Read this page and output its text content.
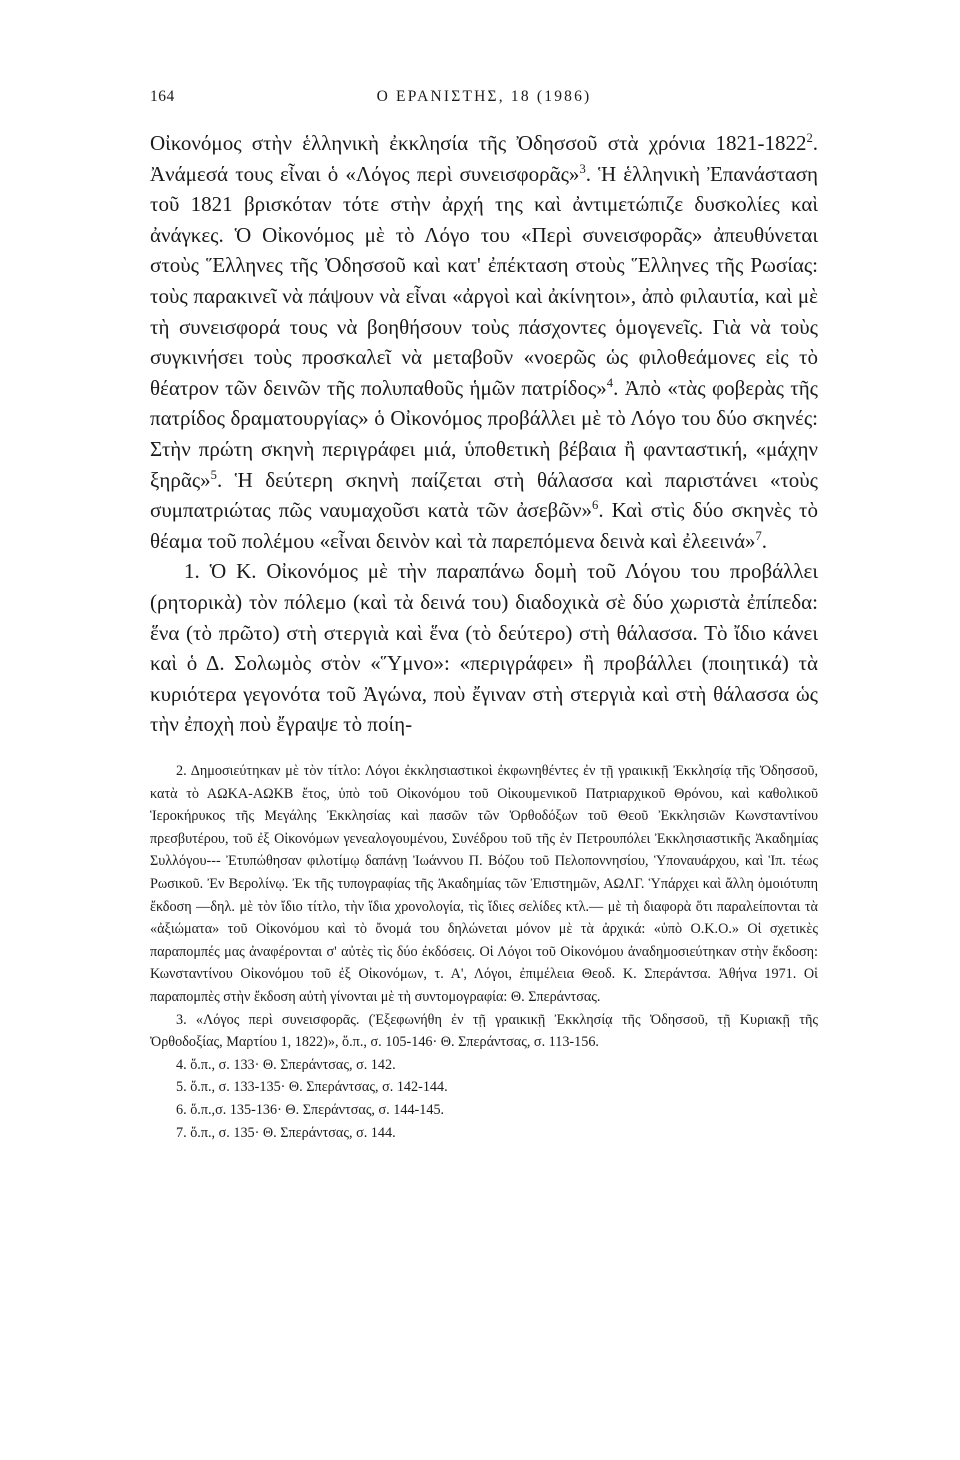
164	Ο ΕΡΑΝΙΣΤΗΣ, 18 (1986)

Οἰκονόμος στὴν ἑλληνικὴ ἐκκλησία τῆς Ὀδησσοῦ στὰ χρόνια 1821-1822$^2$. Ἀνάμεσά τους εἶναι ὁ «Λόγος περὶ συνεισφορᾶς»$^3$. Ἡ ἑλληνικὴ Ἐπανάσταση τοῦ 1821 βρισκόταν τότε στὴν ἀρχή της καὶ ἀντιμετώπιζε δυσκολίες καὶ ἀνάγκες. Ὁ Οἰκονόμος μὲ τὸ Λόγο του «Περὶ συνεισφορᾶς» ἀπευθύνεται στοὺς Ἕλληνες τῆς Ὀδησσοῦ καὶ κατ' ἐπέκταση στοὺς Ἕλληνες τῆς Ρωσίας: τοὺς παρακινεῖ νὰ πάψουν νὰ εἶναι «ἀργοὶ καὶ ἀκίνητοι», ἀπὸ φιλαυτία, καὶ μὲ τὴ συνεισφορά τους νὰ βοηθήσουν τοὺς πάσχοντες ὁμογενεῖς. Γιὰ νὰ τοὺς συγκινήσει τοὺς προσκαλεῖ νὰ μεταβοῦν «νοερῶς ὡς φιλοθεάμονες εἰς τὸ θέατρον τῶν δεινῶν τῆς πολυπαθοῦς ἡμῶν πατρίδος»$^4$. Ἀπὸ «τὰς φοβερὰς τῆς πατρίδος δραματουργίας» ὁ Οἰκονόμος προβάλλει μὲ τὸ Λόγο του δύο σκηνές: Στὴν πρώτη σκηνὴ περιγράφει μιά, ὑποθετικὴ βέβαια ἢ φανταστική, «μάχην ξηρᾶς»$^5$. Ἡ δεύτερη σκηνὴ παίζεται στὴ θάλασσα καὶ παριστάνει «τοὺς συμπατριώτας πῶς ναυμαχοῦσι κατὰ τῶν ἀσεβῶν»$^6$. Καὶ στὶς δύο σκηνὲς τὸ θέαμα τοῦ πολέμου «εἶναι δεινὸν καὶ τὰ παρεπόμενα δεινὰ καὶ ἐλεεινά»$^7$.

1. Ὁ Κ. Οἰκονόμος μὲ τὴν παραπάνω δομὴ τοῦ Λόγου του προβάλλει (ρητορικὰ) τὸν πόλεμο (καὶ τὰ δεινά του) διαδοχικὰ σὲ δύο χωριστὰ ἐπίπεδα: ἕνα (τὸ πρῶτο) στὴ στεργιὰ καὶ ἕνα (τὸ δεύτερο) στὴ θάλασσα. Τὸ ἴδιο κάνει καὶ ὁ Δ. Σολωμὸς στὸν «Ὕμνο»: «περιγράφει» ἢ προβάλλει (ποιητικά) τὰ κυριότερα γεγονότα τοῦ Ἀγώνα, ποὺ ἔγιναν στὴ στεργιὰ καὶ στὴ θάλασσα ὡς τὴν ἐποχὴ ποὺ ἔγραψε τὸ ποίη-

2. Δημοσιεύτηκαν μὲ τὸν τίτλο: Λόγοι ἐκκλησιαστικοὶ ἐκφωνηθέντες ἐν τῇ γραικικῇ Ἐκκλησίᾳ τῆς Ὀδησσοῦ, κατὰ τὸ ΑΩΚΑ-ΑΩΚΒ ἔτος, ὑπὸ τοῦ Οἰκονόμου τοῦ Οἰκουμενικοῦ Πατριαρχικοῦ Θρόνου, καὶ καθολικοῦ Ἱεροκήρυκος τῆς Μεγάλης Ἐκκλησίας καὶ πασῶν τῶν Ὀρθοδόξων τοῦ Θεοῦ Ἐκκλησιῶν Κωνσταντίνου πρεσβυτέρου, τοῦ ἐξ Οἰκονόμων γενεαλογουμένου, Συνέδρου τοῦ τῆς ἐν Πετρουπόλει Ἐκκλησιαστικῆς Ἀκαδημίας Συλλόγου--- Ἐτυπώθησαν φιλοτίμῳ δαπάνῃ Ἰωάννου Π. Βόζου τοῦ Πελοποννησίου, Ὑποναυάρχου, καὶ Ἱπ. τέως Ρωσικοῦ. Ἐν Βερολίνῳ. Ἐκ τῆς τυπογραφίας τῆς Ἀκαδημίας τῶν Ἐπιστημῶν, ΑΩΛΓ. Ὑπάρχει καὶ ἄλλη ὁμοιότυπη ἔκδοση —δηλ. μὲ τὸν ἴδιο τίτλο, τὴν ἴδια χρονολογία, τὶς ἴδιες σελίδες κτλ.— μὲ τὴ διαφορὰ ὅτι παραλείπονται τὰ «ἀξιώματα» τοῦ Οἰκονόμου καὶ τὸ ὄνομά του δηλώνεται μόνον μὲ τὰ ἀρχικά: «ὑπὸ Ο.Κ.Ο.» Οἱ σχετικὲς παραπομπές μας ἀναφέρονται σ' αὐτὲς τὶς δύο ἐκδόσεις. Οἱ Λόγοι τοῦ Οἰκονόμου ἀναδημοσιεύτηκαν στὴν ἔκδοση: Κωνσταντίνου Οἰκονόμου τοῦ ἐξ Οἰκονόμων, τ. Α', Λόγοι, ἐπιμέλεια Θεοδ. Κ. Σπεράντσα. Ἀθήνα 1971. Οἱ παραπομπὲς στὴν ἔκδοση αὐτὴ γίνονται μὲ τὴ συντομογραφία: Θ. Σπεράντσας.

3. «Λόγος περὶ συνεισφορᾶς. (Ἐξεφωνήθη ἐν τῇ γραικικῇ Ἐκκλησίᾳ τῆς Ὀδησσοῦ, τῇ Κυριακῇ τῆς Ὀρθοδοξίας, Μαρτίου 1, 1822)», ὅ.π., σ. 105-146· Θ. Σπεράντσας, σ. 113-156.

4. ὅ.π., σ. 133· Θ. Σπεράντσας, σ. 142.

5. ὅ.π., σ. 133-135· Θ. Σπεράντσας, σ. 142-144.

6. ὅ.π.,σ. 135-136· Θ. Σπεράντσας, σ. 144-145.

7. ὅ.π., σ. 135· Θ. Σπεράντσας, σ. 144.
